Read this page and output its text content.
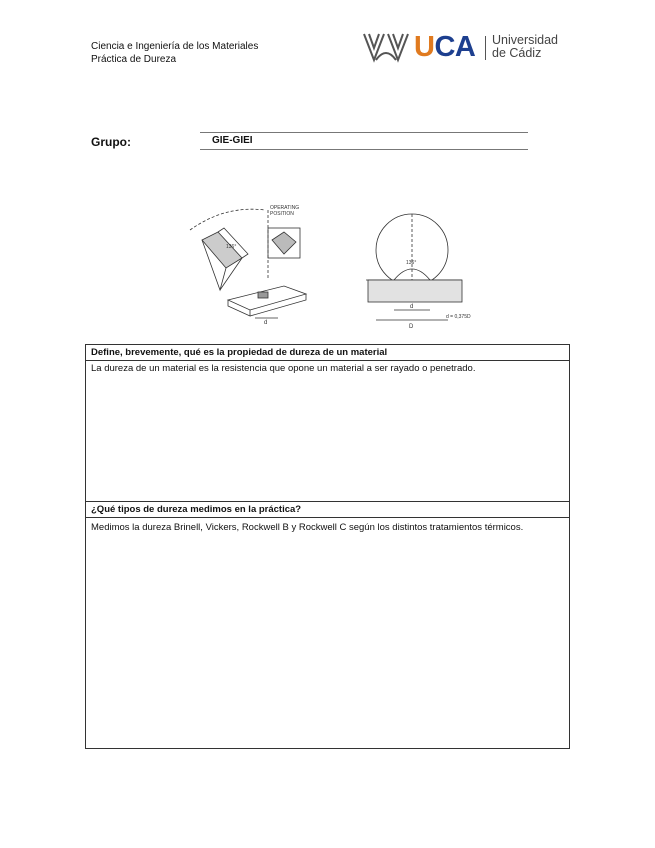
Ciencia e Ingeniería de los Materiales
Práctica de Dureza	UCA Universidad
de Cádiz
Grupo:	GIE-GIEI
OPERATING
POSITION
136°
d
136°
d
D
d = 0,375D
Define, brevemente, qué es la propiedad de dureza de un material
La dureza de un material es la resistencia que opone un material a ser rayado o penetrado.
¿Qué tipos de dureza medimos en la práctica?
Medimos la dureza Brinell, Vickers, Rockwell B y Rockwell C según los distintos tratamientos térmicos.
